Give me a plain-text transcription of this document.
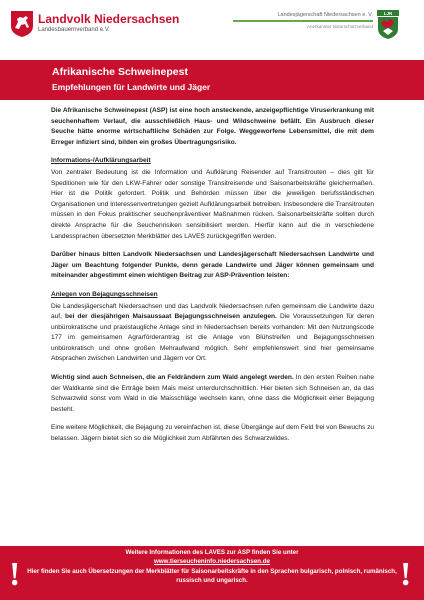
Landvolk Niedersachsen
Landesbauernverband e.V.
Landesjägerschaft Niedersachsen e. V.
Anerkannter Naturschutzverband
LJN
Afrikanische Schweinepest
Empfehlungen für Landwirte und Jäger

Die Afrikanische Schweinepest (ASP) ist eine hoch ansteckende, anzeigepflichtige Viruserkrankung mit seuchenhaftem Verlauf, die ausschließlich Haus- und Wildschweine befällt. Ein Ausbruch dieser Seuche hätte enorme wirtschaftliche Schäden zur Folge. Weggeworfene Lebensmittel, die mit dem Erreger infiziert sind, bilden ein großes Übertragungsrisiko.

Informations-/Aufklärungsarbeit

Von zentraler Bedeutung ist die Information und Aufklärung Reisender auf Transitrouten – dies gilt für Speditionen wie für den LKW-Fahrer oder sonstige Transitreisende und Saisonarbeitskräfte gleichermaßen. Hier ist die Politik gefordert. Politik und Behörden müssen über die jeweiligen berufsständischen Organisationen und Interessenvertretungen gezielt Aufklärungsarbeit betreiben. Insbesondere die Transitrouten müssen in den Fokus praktischer seuchenpräventiver Maßnahmen rücken. Saisonarbeitskräfte sollten durch direkte Ansprache für die Seuchenrisiken sensibilisiert werden. Hierfür kann auf die in verschiedene Landessprachen übersetzten Merkblätter des LAVES zurückgegriffen werden.

Darüber hinaus bitten Landvolk Niedersachsen und Landesjägerschaft Niedersachsen Landwirte und Jäger um Beachtung folgender Punkte, denn gerade Landwirte und Jäger können gemeinsam und miteinander abgestimmt einen wichtigen Beitrag zur ASP-Prävention leisten:

Anlegen von Bejagungsschneisen

Die Landesjägerschaft Niedersachsen und das Landvolk Niedersachsen rufen gemeinsam die Landwirte dazu auf, bei der diesjährigen Maisaussaat Bejagungsschneisen anzulegen. Die Voraussetzungen für deren unbürokratische und praxistaugliche Anlage sind in Niedersachsen bereits vorhanden: Mit den Nutzungscode 177 im gemeinsamen Agrarförderantrag ist die Anlage von Blühstreifen und Bejagungsschneisen unbürokratisch und ohne großen Mehraufwand möglich. Sehr empfehlenswert sind hier gemeinsame Absprachen zwischen Landwirten und Jägern vor Ort.

Wichtig sind auch Schneisen, die an Feldrändern zum Wald angelegt werden. In den ersten Reihen nahe der Waldkante sind die Erträge beim Mais meist unterdurchschnittlich. Hier bieten sich Schneisen an, da das Schwarzwild sonst vom Wald in die Maisschläge wechseln kann, ohne dass die Möglichkeit einer Bejagung besteht.

Eine weitere Möglichkeit, die Bejagung zu vereinfachen ist, diese Übergänge auf dem Feld frei von Bewuchs zu belassen. Jägern bietet sich so die Möglichkeit zum Abfährten des Schwarzwildes.

!	!
Weitere Informationen des LAVES zur ASP finden Sie unter
www.tierseucheninfo.niedersachsen.de
Hier finden Sie auch Übersetzungen der Merkblätter für Saisonarbeitskräfte in den Sprachen bulgarisch, polnisch, rumänisch, russisch und ungarisch.
